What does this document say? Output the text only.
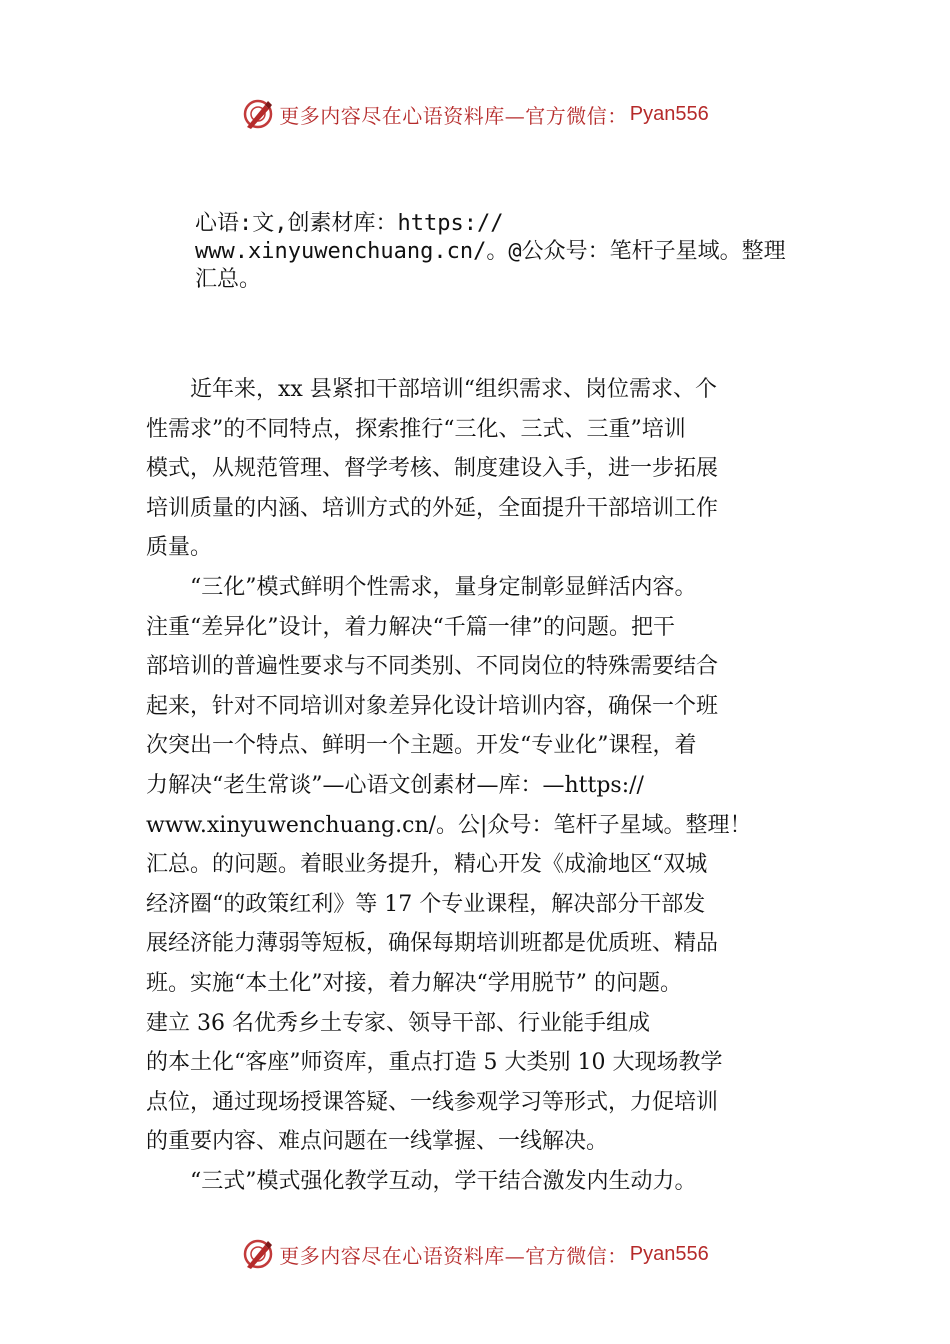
更多内容尽在心语资料库—官方微信： Pyan556
心语:文,创素材库：https://
www.xinyuwenchuang.cn/。@公众号：笔杆子星域。整理
汇总。
　　近年来，xx 县紧扣干部培训“组织需求、岗位需求、个
性需求”的不同特点，探索推行“三化、三式、三重”培训
模式，从规范管理、督学考核、制度建设入手，进一步拓展
培训质量的内涵、培训方式的外延，全面提升干部培训工作
质量。
　　“三化”模式鲜明个性需求，量身定制彰显鲜活内容。
注重“差异化”设计，着力解决“千篇一律”的问题。把干
部培训的普遍性要求与不同类别、不同岗位的特殊需要结合
起来，针对不同培训对象差异化设计培训内容，确保一个班
次突出一个特点、鲜明一个主题。开发“专业化”课程，着
力解决“老生常谈”—心语文创素材—库：—https://
www.xinyuwenchuang.cn/。公|众号：笔杆子星域。整理！
汇总。的问题。着眼业务提升，精心开发《成渝地区“双城
经济圈“的政策红利》等 17 个专业课程，解决部分干部发
展经济能力薄弱等短板，确保每期培训班都是优质班、精品
班。实施“本土化”对接，着力解决“学用脱节” 的问题。
建立 36 名优秀乡土专家、领导干部、行业能手组成
的本土化“客座”师资库，重点打造 5 大类别 10 大现场教学
点位，通过现场授课答疑、一线参观学习等形式，力促培训
的重要内容、难点问题在一线掌握、一线解决。
　　“三式”模式强化教学互动，学干结合激发内生动力。
更多内容尽在心语资料库—官方微信： Pyan556
